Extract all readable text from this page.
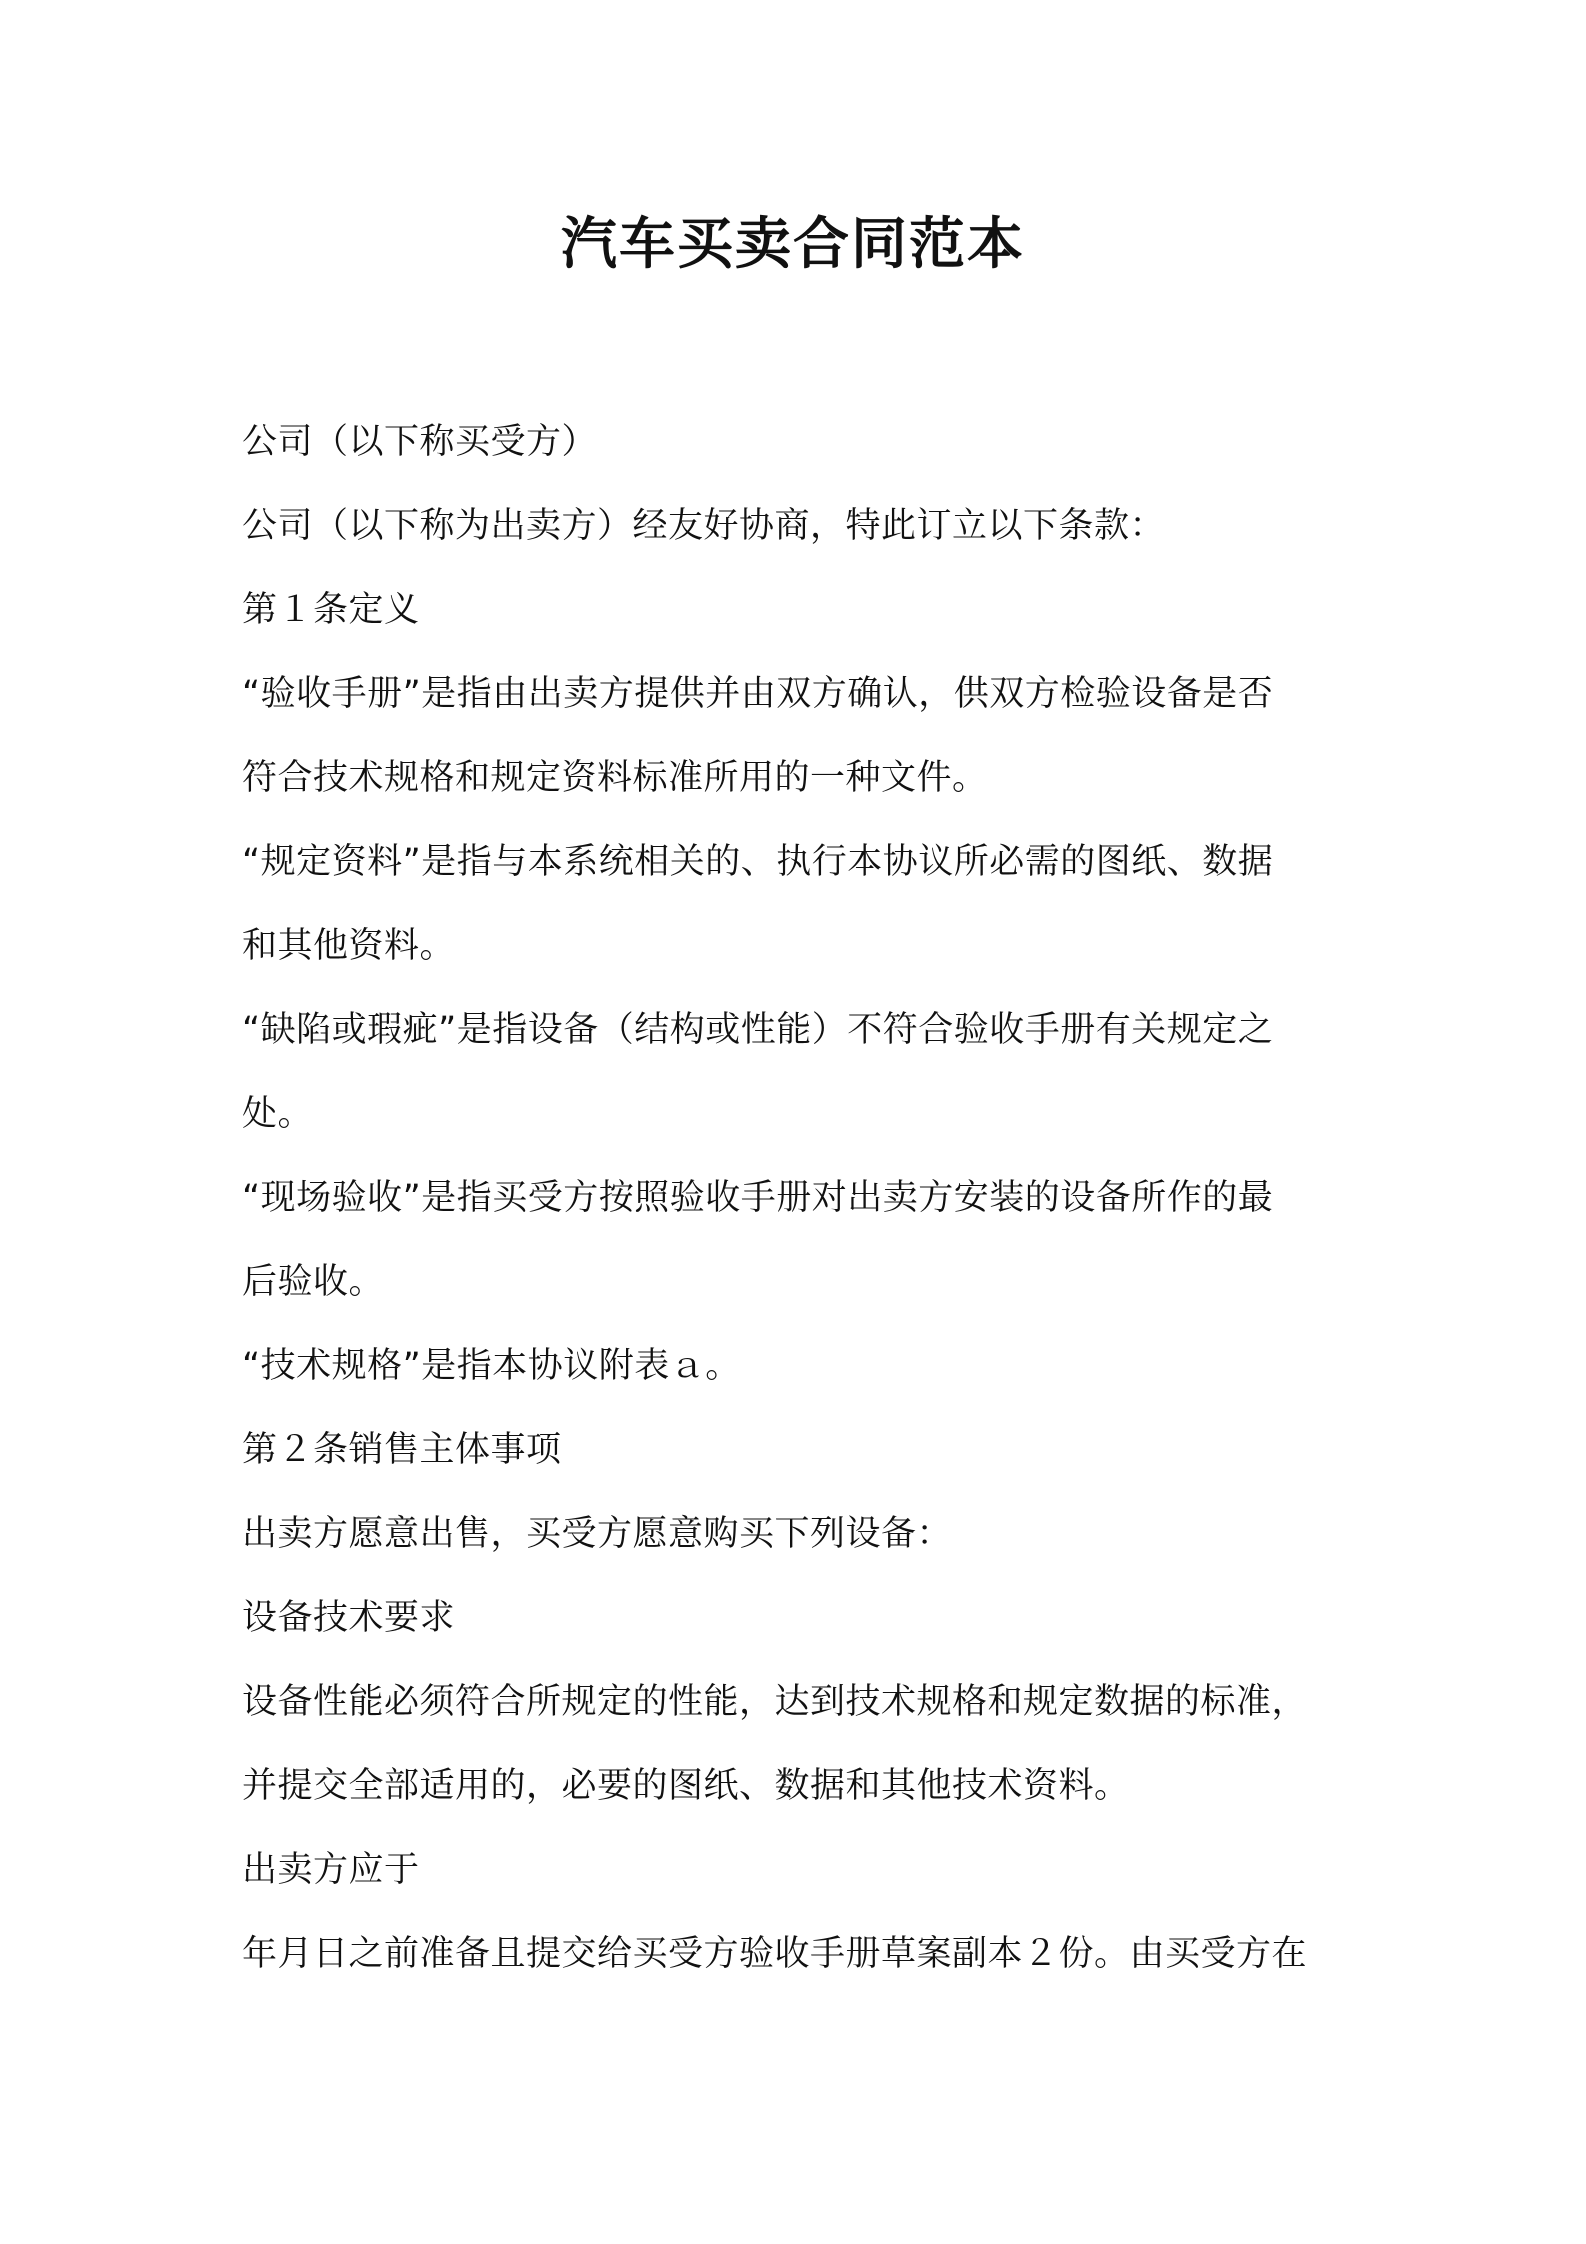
汽车买卖合同范本

公司（以下称买受方）

公司（以下称为出卖方）经友好协商，特此订立以下条款：

第１条定义

“验收手册”是指由出卖方提供并由双方确认，供双方检验设备是否

符合技术规格和规定资料标准所用的一种文件。

“规定资料”是指与本系统相关的、执行本协议所必需的图纸、数据

和其他资料。

“缺陷或瑕疵”是指设备（结构或性能）不符合验收手册有关规定之

处。

“现场验收”是指买受方按照验收手册对出卖方安装的设备所作的最

后验收。

“技术规格”是指本协议附表ａ。

第２条销售主体事项

出卖方愿意出售，买受方愿意购买下列设备：

设备技术要求

设备性能必须符合所规定的性能，达到技术规格和规定数据的标准，

并提交全部适用的，必要的图纸、数据和其他技术资料。

出卖方应于

年月日之前准备且提交给买受方验收手册草案副本２份。由买受方在
